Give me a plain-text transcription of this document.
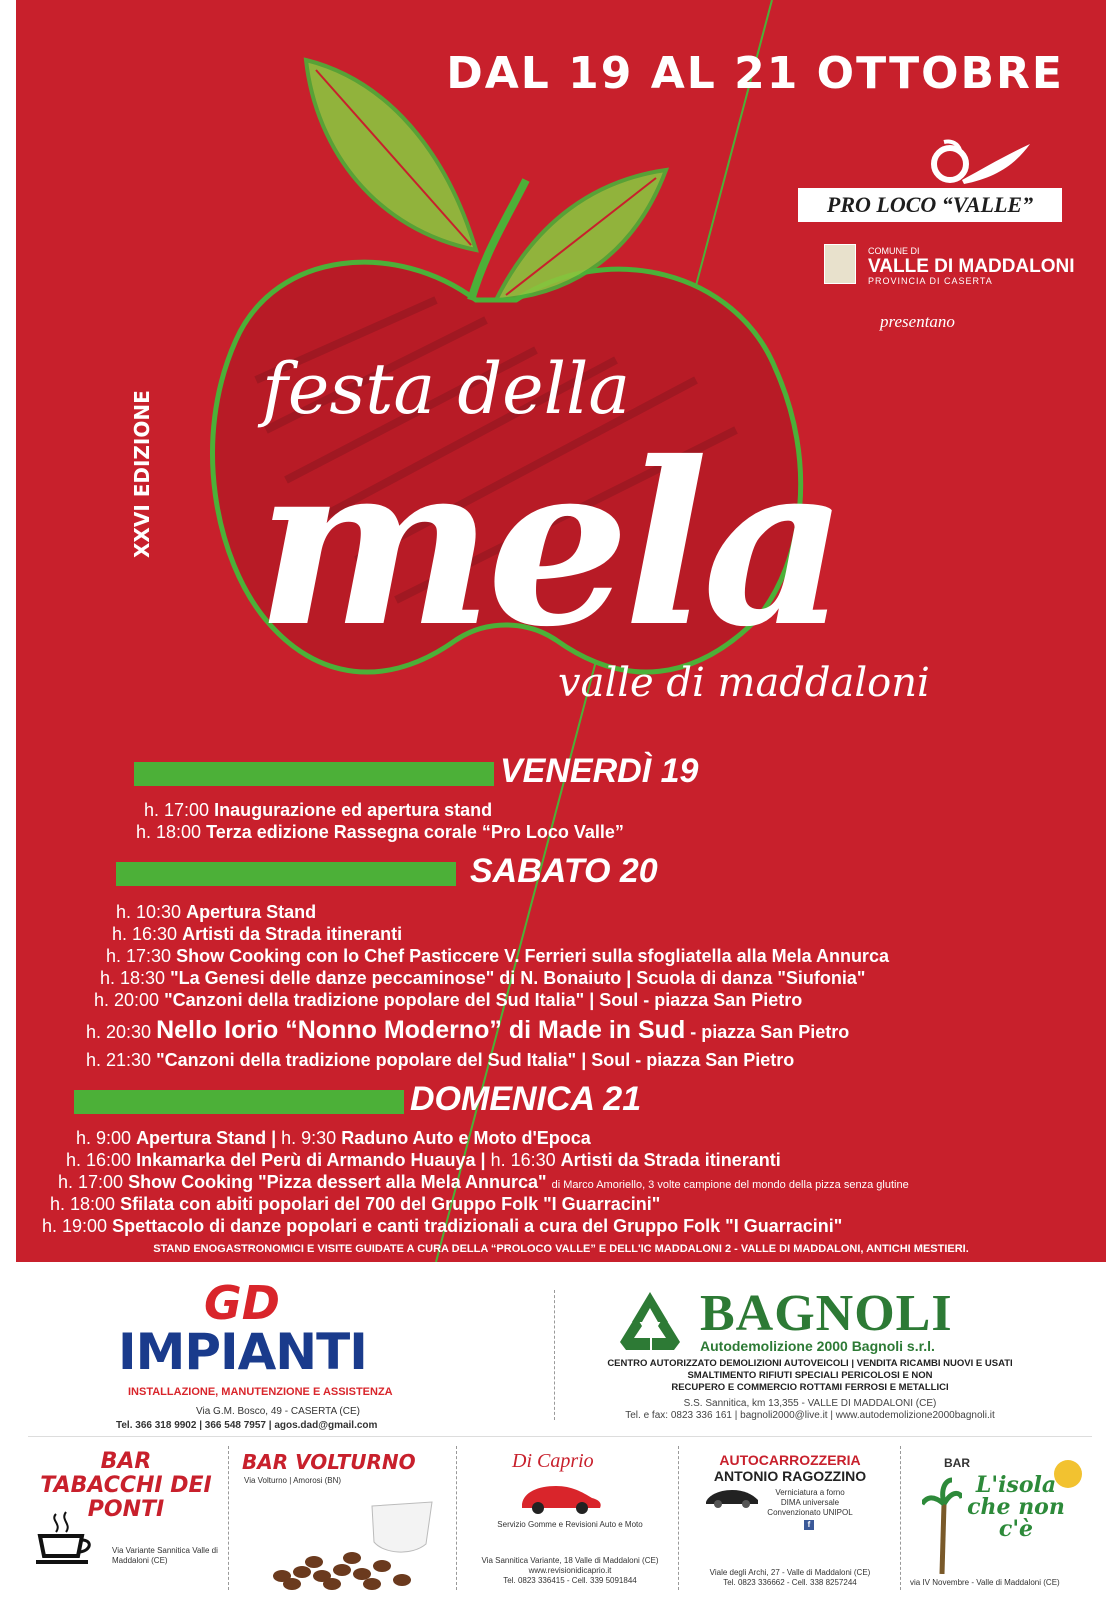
DAL 19 AL 21 OTTOBRE
PRO LOCO “VALLE”
COMUNE DI
VALLE DI MADDALONI
PROVINCIA DI CASERTA
presentano
festa della
mela
valle di maddaloni
XXVI EDIZIONE
VENERDÌ 19
h. 17:00 Inaugurazione ed apertura stand
h. 18:00 Terza edizione Rassegna corale “Pro Loco Valle”
SABATO 20
h. 10:30 Apertura Stand
h. 16:30 Artisti da Strada itineranti
h. 17:30 Show Cooking con lo Chef Pasticcere V. Ferrieri sulla sfogliatella alla Mela Annurca
h. 18:30 "La Genesi delle danze peccaminose" di N. Bonaiuto | Scuola di danza "Siufonia"
h. 20:00 "Canzoni della tradizione popolare del Sud Italia" | Soul - piazza San Pietro
h. 20:30 Nello Iorio “Nonno Moderno” di Made in Sud - piazza San Pietro
h. 21:30 "Canzoni della tradizione popolare del Sud Italia" | Soul - piazza San Pietro
DOMENICA 21
h. 9:00 Apertura Stand | h. 9:30 Raduno Auto e Moto d'Epoca
h. 16:00 Inkamarka del Perù di Armando Huauya | h. 16:30 Artisti da Strada itineranti
h. 17:00 Show Cooking "Pizza dessert alla Mela Annurca" di Marco Amoriello, 3 volte campione del mondo della pizza senza glutine
h. 18:00 Sfilata con abiti popolari del 700 del Gruppo Folk "I Guarracini"
h. 19:00 Spettacolo di danze popolari e canti tradizionali a cura del Gruppo Folk "I Guarracini"
STAND ENOGASTRONOMICI E VISITE GUIDATE A CURA DELLA “PROLOCO VALLE” E DELL'IC MADDALONI 2 - VALLE DI MADDALONI, ANTICHI MESTIERI.
GD
IMPIANTI
INSTALLAZIONE, MANUTENZIONE E ASSISTENZA
Via G.M. Bosco, 49 - CASERTA (CE)
Tel. 366 318 9902 | 366 548 7957 | agos.dad@gmail.com
BAGNOLI
Autodemolizione 2000 Bagnoli s.r.l.
CENTRO AUTORIZZATO DEMOLIZIONI AUTOVEICOLI | VENDITA RICAMBI NUOVI E USATI
SMALTIMENTO RIFIUTI SPECIALI PERICOLOSI E NON
RECUPERO E COMMERCIO ROTTAMI FERROSI E METALLICI
S.S. Sannitica, km 13,355 - VALLE DI MADDALONI (CE)
Tel. e fax: 0823 336 161 | bagnoli2000@live.it | www.autodemolizione2000bagnoli.it
BAR TABACCHI DEI PONTI
Via Variante Sannitica Valle di Maddaloni (CE)
BAR VOLTURNO
Via Volturno | Amorosi (BN)
Di Caprio
Servizio Gomme e Revisioni Auto e Moto
Via Sannitica Variante, 18 Valle di Maddaloni (CE)
www.revisionidicaprio.it
Tel. 0823 336415 - Cell. 339 5091844
AUTOCARROZZERIA
ANTONIO RAGOZZINO
Verniciatura a forno
DIMA universale
Convenzionato UNIPOL
f
Viale degli Archi, 27 - Valle di Maddaloni (CE)
Tel. 0823 336662 - Cell. 338 8257244
BAR
L'isola che non c'è
via IV Novembre - Valle di Maddaloni (CE)
